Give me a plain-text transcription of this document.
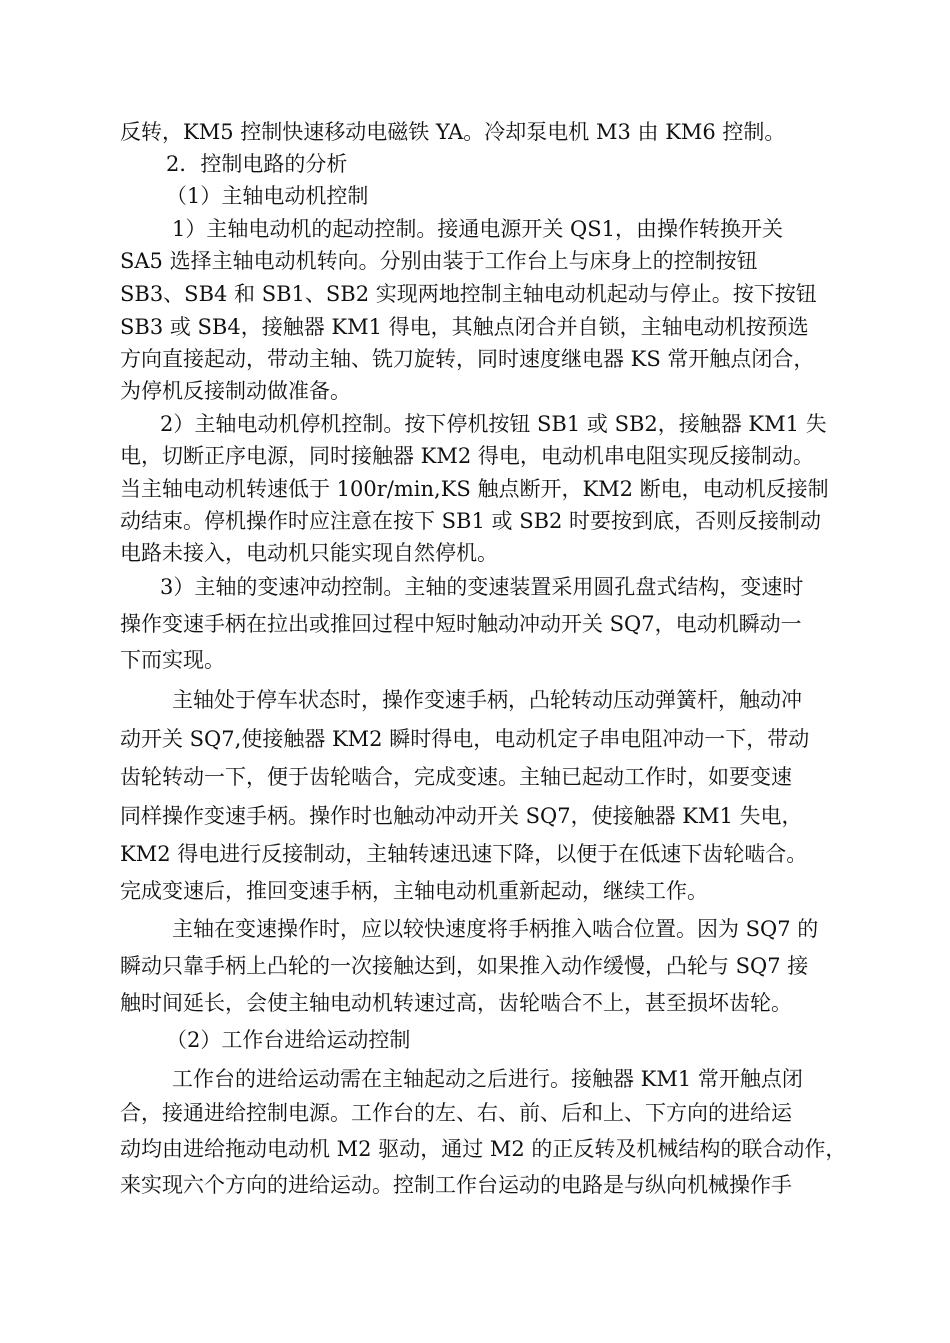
反转，KM5 控制快速移动电磁铁 YA。冷却泵电机 M3 由 KM6 控制。

2．控制电路的分析

（1）主轴电动机控制

1）主轴电动机的起动控制。接通电源开关 QS1，由操作转换开关

SA5 选择主轴电动机转向。分别由装于工作台上与床身上的控制按钮

SB3、SB4 和 SB1、SB2 实现两地控制主轴电动机起动与停止。按下按钮

SB3 或 SB4，接触器 KM1 得电，其触点闭合并自锁，主轴电动机按预选

方向直接起动，带动主轴、铣刀旋转，同时速度继电器 KS 常开触点闭合，

为停机反接制动做准备。

2）主轴电动机停机控制。按下停机按钮 SB1 或 SB2，接触器 KM1 失

电，切断正序电源，同时接触器 KM2 得电，电动机串电阻实现反接制动。

当主轴电动机转速低于 100r/min,KS 触点断开，KM2 断电，电动机反接制

动结束。停机操作时应注意在按下 SB1 或 SB2 时要按到底，否则反接制动

电路未接入，电动机只能实现自然停机。

3）主轴的变速冲动控制。主轴的变速装置采用圆孔盘式结构，变速时

操作变速手柄在拉出或推回过程中短时触动冲动开关 SQ7，电动机瞬动一

下而实现。

主轴处于停车状态时，操作变速手柄，凸轮转动压动弹簧杆，触动冲

动开关 SQ7,使接触器 KM2 瞬时得电，电动机定子串电阻冲动一下，带动

齿轮转动一下，便于齿轮啮合，完成变速。主轴已起动工作时，如要变速

同样操作变速手柄。操作时也触动冲动开关 SQ7，使接触器 KM1 失电，

KM2 得电进行反接制动，主轴转速迅速下降，以便于在低速下齿轮啮合。

完成变速后，推回变速手柄，主轴电动机重新起动，继续工作。

主轴在变速操作时，应以较快速度将手柄推入啮合位置。因为 SQ7 的

瞬动只靠手柄上凸轮的一次接触达到，如果推入动作缓慢，凸轮与 SQ7 接

触时间延长，会使主轴电动机转速过高，齿轮啮合不上，甚至损坏齿轮。

（2）工作台进给运动控制

工作台的进给运动需在主轴起动之后进行。接触器 KM1 常开触点闭

合，接通进给控制电源。工作台的左、右、前、后和上、下方向的进给运

动均由进给拖动电动机 M2 驱动，通过 M2 的正反转及机械结构的联合动作，

来实现六个方向的进给运动。控制工作台运动的电路是与纵向机械操作手
